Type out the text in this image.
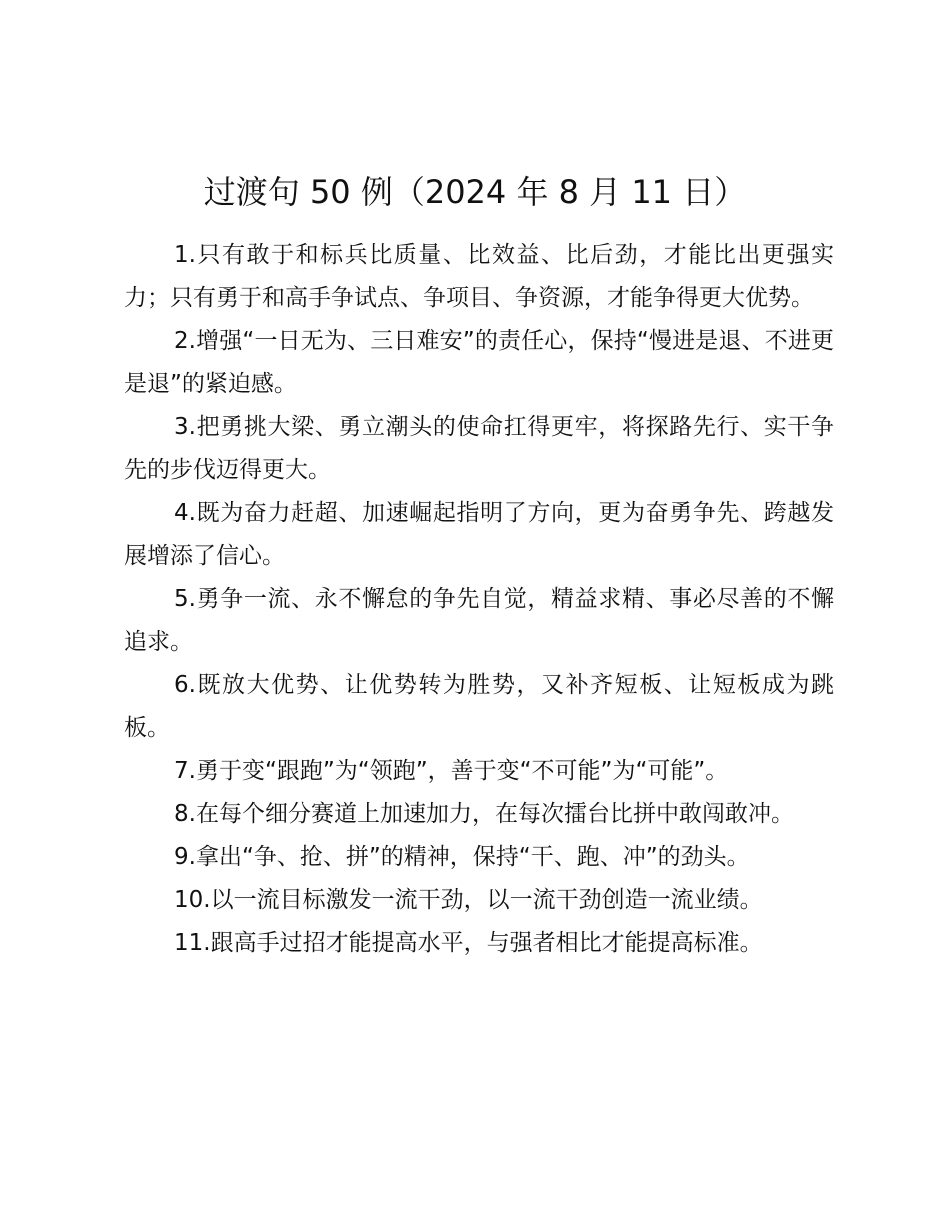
过渡句 50 例（2024 年 8 月 11 日）

1.只有敢于和标兵比质量、比效益、比后劲，才能比出更强实力；只有勇于和高手争试点、争项目、争资源，才能争得更大优势。

2.增强“一日无为、三日难安”的责任心，保持“慢进是退、不进更是退”的紧迫感。

3.把勇挑大梁、勇立潮头的使命扛得更牢，将探路先行、实干争先的步伐迈得更大。

4.既为奋力赶超、加速崛起指明了方向，更为奋勇争先、跨越发展增添了信心。

5.勇争一流、永不懈怠的争先自觉，精益求精、事必尽善的不懈追求。

6.既放大优势、让优势转为胜势，又补齐短板、让短板成为跳板。

7.勇于变“跟跑”为“领跑”，善于变“不可能”为“可能”。

8.在每个细分赛道上加速加力，在每次擂台比拼中敢闯敢冲。

9.拿出“争、抢、拼”的精神，保持“干、跑、冲”的劲头。

10.以一流目标激发一流干劲，以一流干劲创造一流业绩。

11.跟高手过招才能提高水平，与强者相比才能提高标准。
